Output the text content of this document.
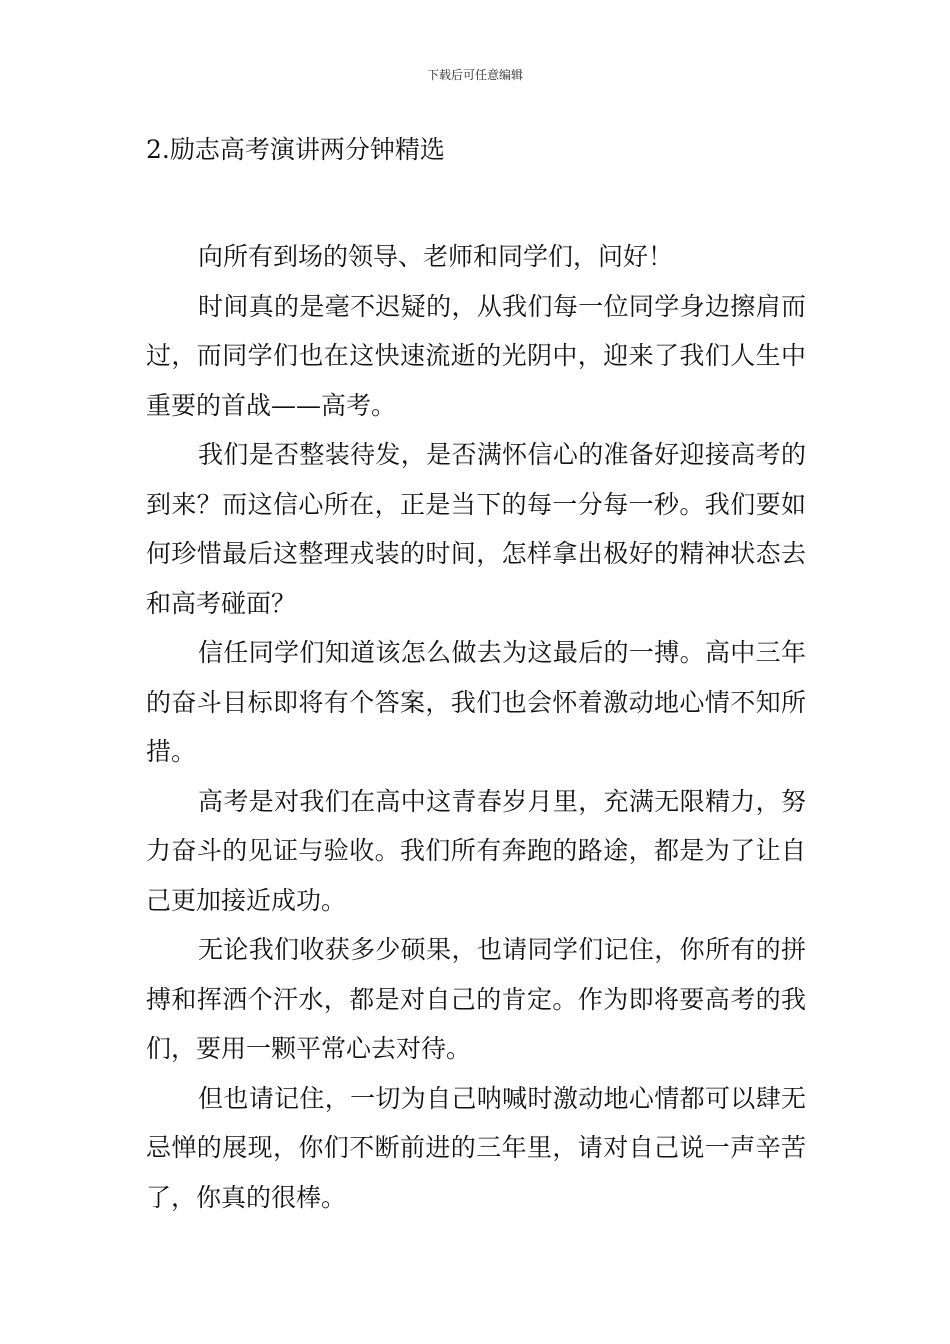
下载后可任意编辑
2.励志高考演讲两分钟精选

向所有到场的领导、老师和同学们，问好！

时间真的是毫不迟疑的，从我们每一位同学身边擦肩而过，而同学们也在这快速流逝的光阴中，迎来了我们人生中重要的首战——高考。

我们是否整装待发，是否满怀信心的准备好迎接高考的到来？而这信心所在，正是当下的每一分每一秒。我们要如何珍惜最后这整理戎装的时间，怎样拿出极好的精神状态去和高考碰面？

信任同学们知道该怎么做去为这最后的一搏。高中三年的奋斗目标即将有个答案，我们也会怀着激动地心情不知所措。

高考是对我们在高中这青春岁月里，充满无限精力，努力奋斗的见证与验收。我们所有奔跑的路途，都是为了让自己更加接近成功。

无论我们收获多少硕果，也请同学们记住，你所有的拼搏和挥洒个汗水，都是对自己的肯定。作为即将要高考的我们，要用一颗平常心去对待。

但也请记住，一切为自己呐喊时激动地心情都可以肆无忌惮的展现，你们不断前进的三年里，请对自己说一声辛苦了，你真的很棒。
